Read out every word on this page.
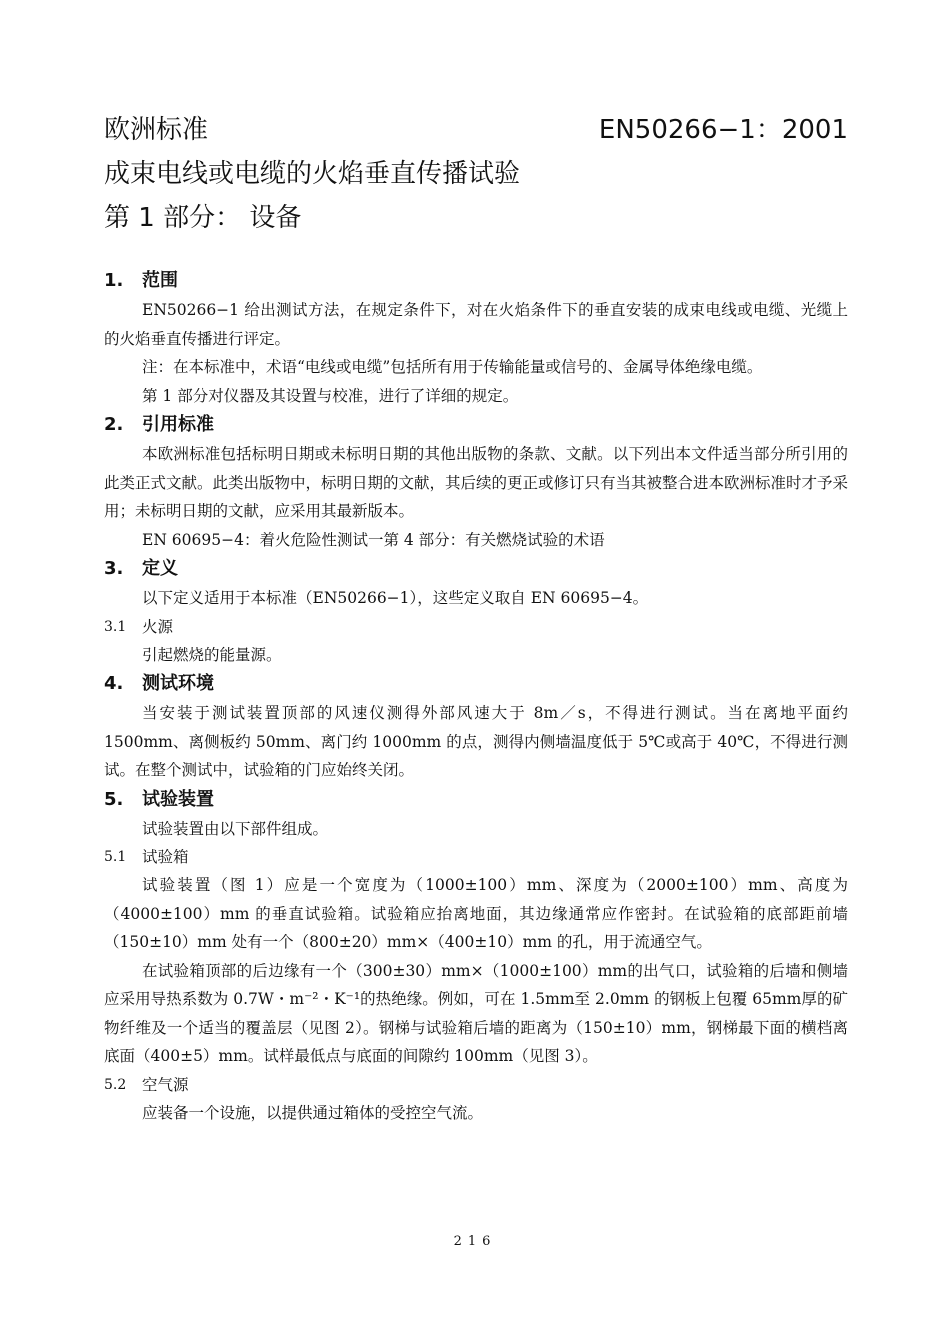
欧洲标准	EN50266−1：2001
成束电线或电缆的火焰垂直传播试验
第 1 部分： 设备
1.	范围

EN50266−1 给出测试方法，在规定条件下，对在火焰条件下的垂直安装的成束电线或电缆、光缆上的火焰垂直传播进行评定。

注：在本标准中，术语“电线或电缆”包括所有用于传输能量或信号的、金属导体绝缘电缆。

第 1 部分对仪器及其设置与校准，进行了详细的规定。

2.	引用标准

本欧洲标准包括标明日期或未标明日期的其他出版物的条款、文献。以下列出本文件适当部分所引用的此类正式文献。此类出版物中，标明日期的文献，其后续的更正或修订只有当其被整合进本欧洲标准时才予采用；未标明日期的文献，应采用其最新版本。

EN 60695−4：着火危险性测试一第 4 部分：有关燃烧试验的术语

3.	定义

以下定义适用于本标准（EN50266−1），这些定义取自 EN 60695−4。

3.1	火源

引起燃烧的能量源。

4.	测试环境

当安装于测试装置顶部的风速仪测得外部风速大于 8m／s，不得进行测试。当在离地平面约 1500mm、离侧板约 50mm、离门约 1000mm 的点，测得内侧墙温度低于 5℃或高于 40℃，不得进行测试。在整个测试中，试验箱的门应始终关闭。

5.	试验装置

试验装置由以下部件组成。

5.1	试验箱

试验装置（图 1）应是一个宽度为（1000±100）mm、深度为（2000±100）mm、高度为（4000±100）mm 的垂直试验箱。试验箱应抬离地面，其边缘通常应作密封。在试验箱的底部距前墙（150±10）mm 处有一个（800±20）mm×（400±10）mm 的孔，用于流通空气。

在试验箱顶部的后边缘有一个（300±30）mm×（1000±100）mm的出气口，试验箱的后墙和侧墙应采用导热系数为 0.7W・m⁻²・K⁻¹的热绝缘。例如，可在 1.5mm至 2.0mm 的钢板上包覆 65mm厚的矿物纤维及一个适当的覆盖层（见图 2）。钢梯与试验箱后墙的距离为（150±10）mm，钢梯最下面的横档离底面（400±5）mm。试样最低点与底面的间隙约 100mm（见图 3）。

5.2	空气源

应装备一个设施，以提供通过箱体的受控空气流。

216
